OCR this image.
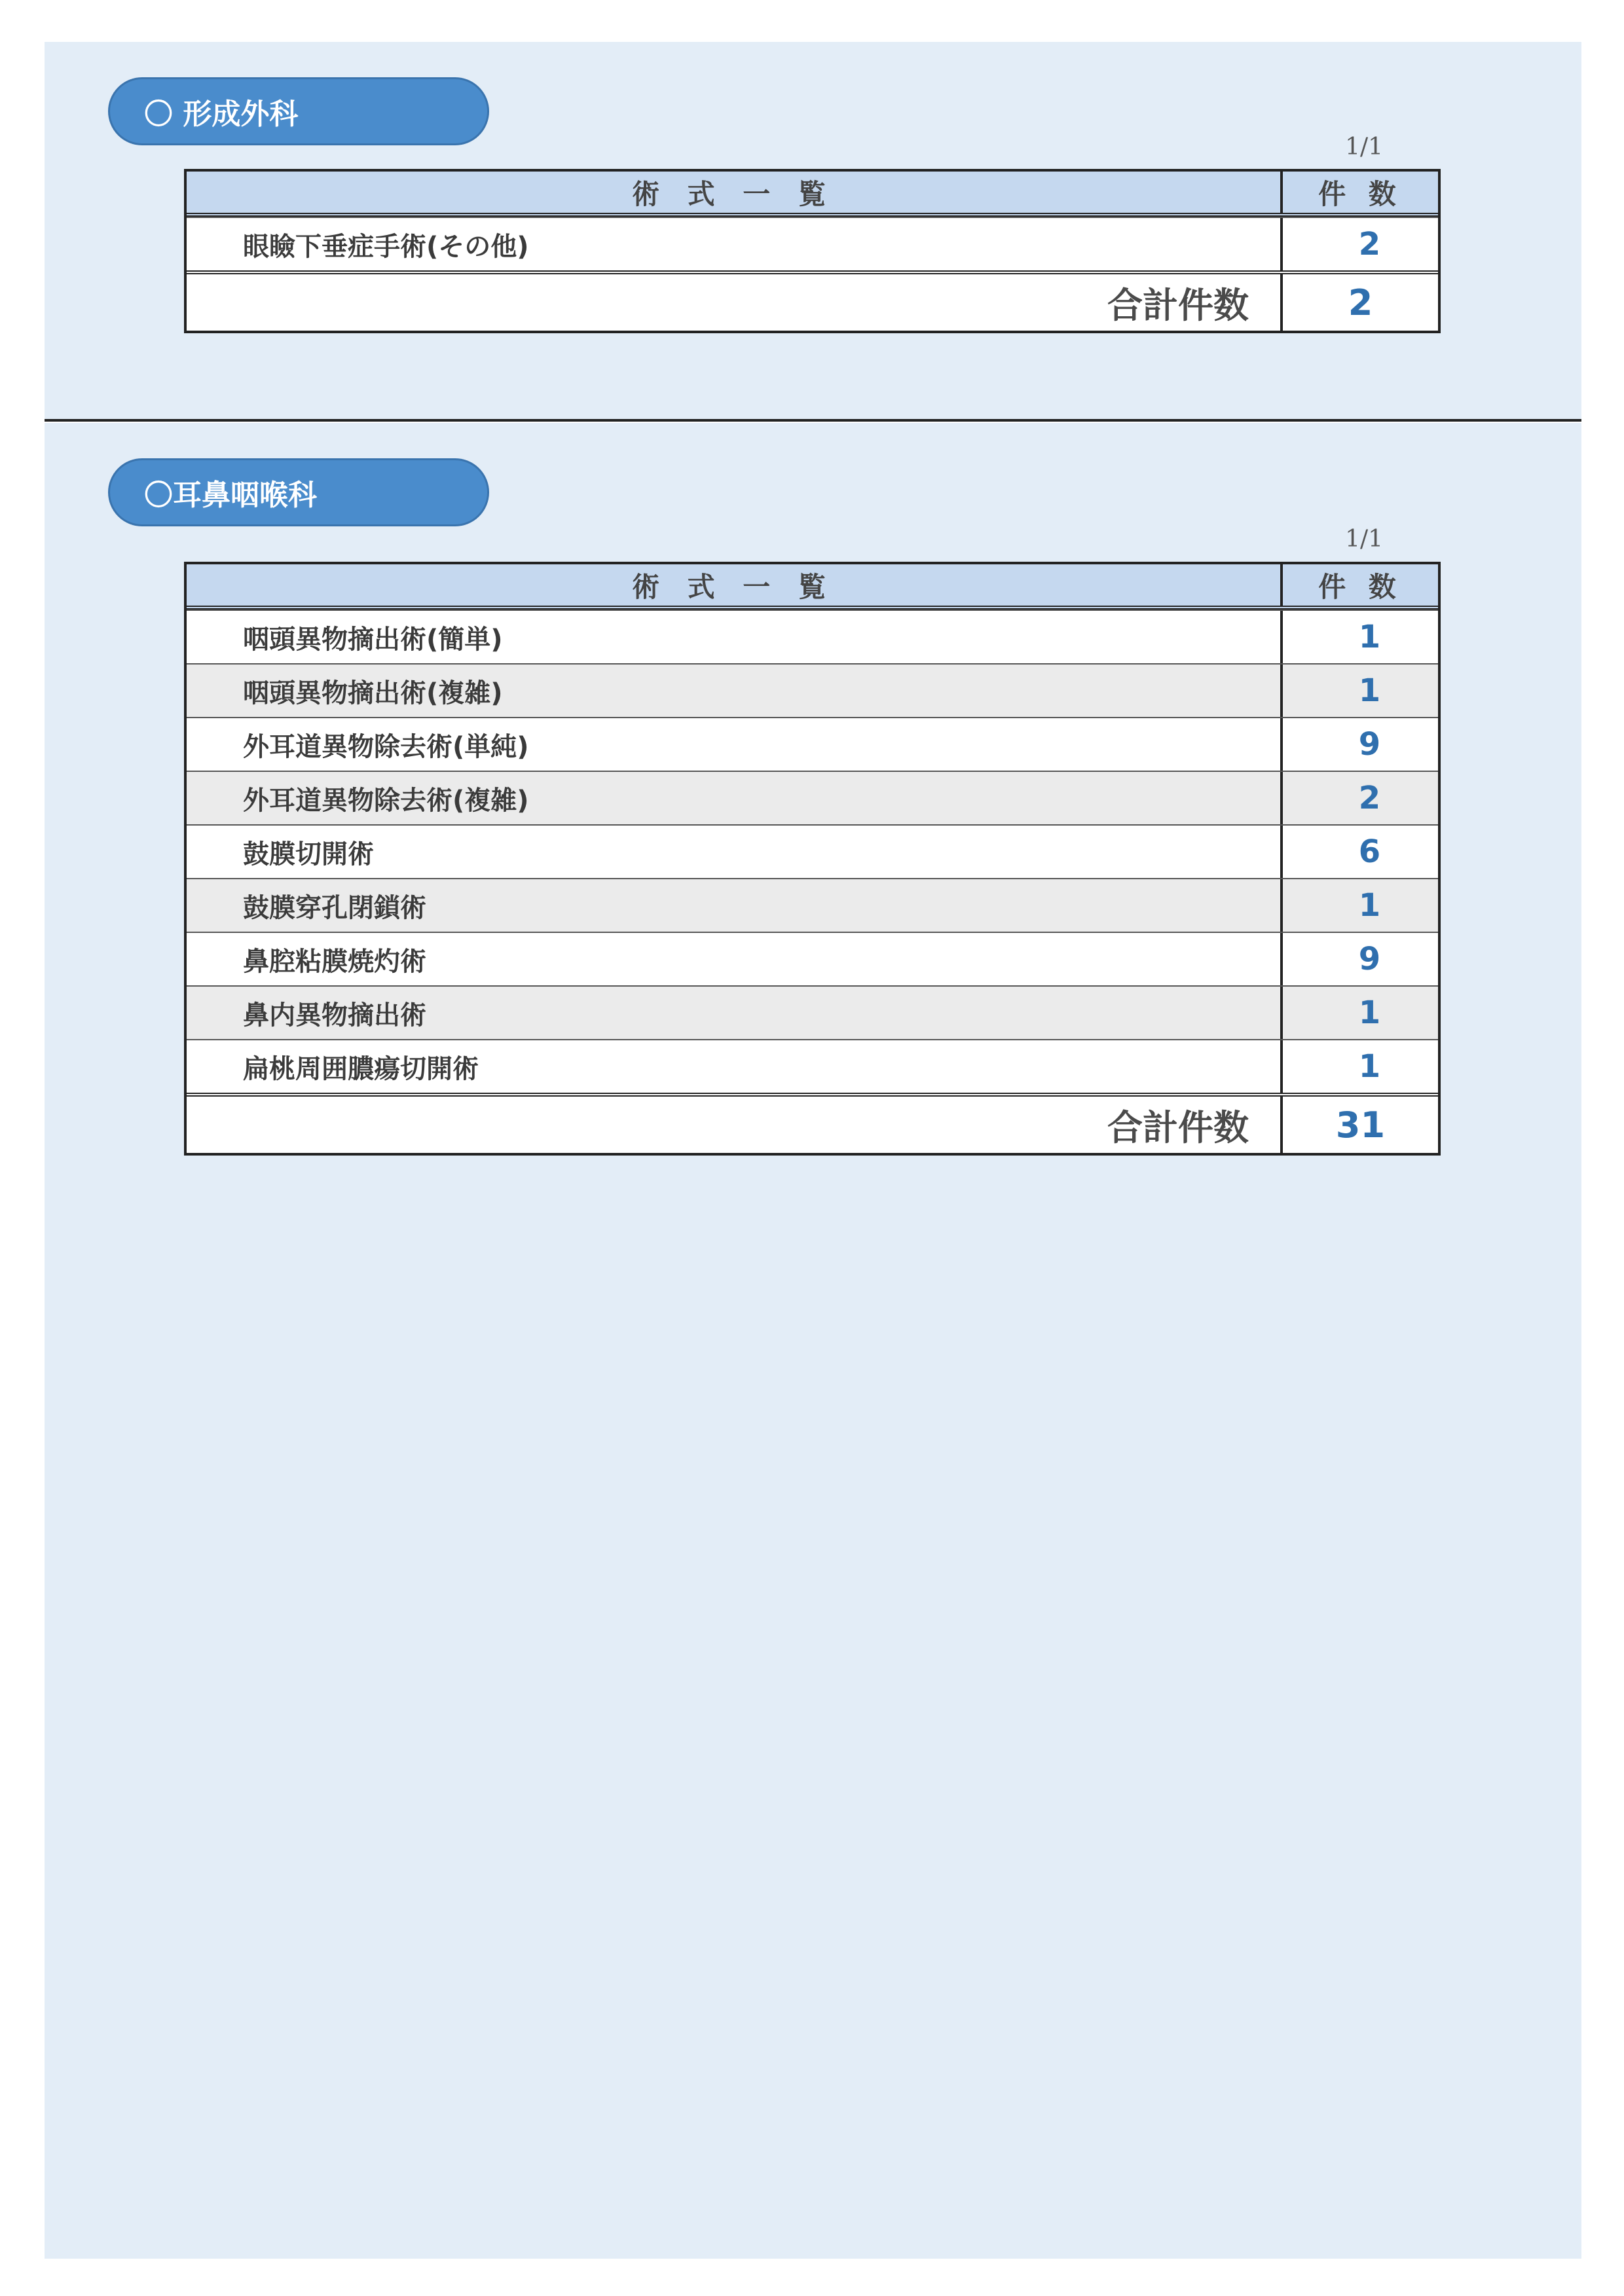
〇 形成外科
1/1
術 式 一 覧	件 数
眼瞼下垂症手術(その他)	2
合計件数	2
〇耳鼻咽喉科
1/1
術 式 一 覧	件 数
咽頭異物摘出術(簡単)	1
咽頭異物摘出術(複雑)	1
外耳道異物除去術(単純)	9
外耳道異物除去術(複雑)	2
鼓膜切開術	6
鼓膜穿孔閉鎖術	1
鼻腔粘膜焼灼術	9
鼻内異物摘出術	1
扁桃周囲膿瘍切開術	1
合計件数	31
